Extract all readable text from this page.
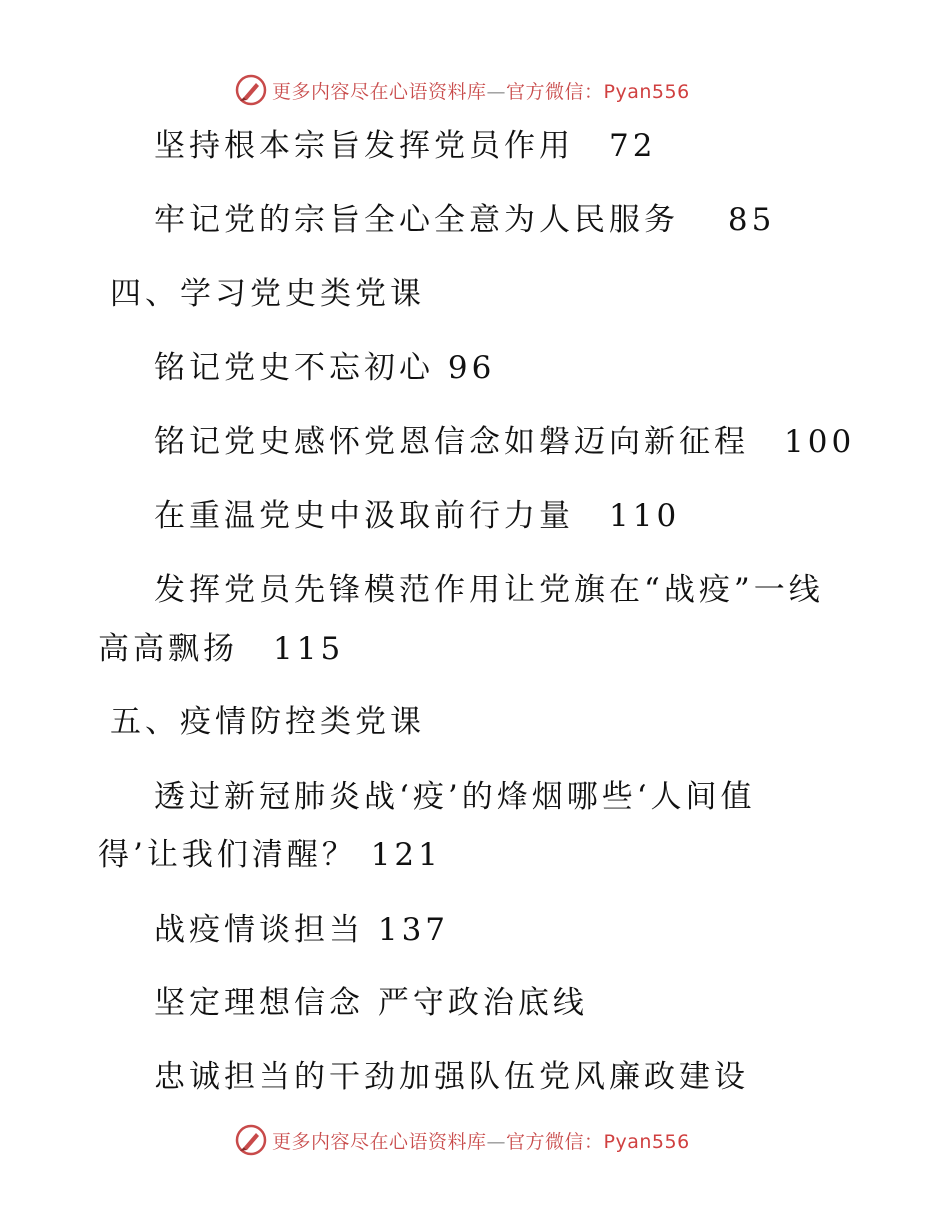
更多内容尽在心语资料库—官方微信：Pyan556
坚持根本宗旨发挥党员作用　72
牢记党的宗旨全心全意为人民服务　 85
四、学习党史类党课
铭记党史不忘初心 96
铭记党史感怀党恩信念如磐迈向新征程　100
在重温党史中汲取前行力量　110
发挥党员先锋模范作用让党旗在“战疫”一线
高高飘扬　115
五、疫情防控类党课
透过新冠肺炎战‘疫’的烽烟哪些‘人间值
得’让我们清醒？ 121
战疫情谈担当 137
坚定理想信念 严守政治底线
忠诚担当的干劲加强队伍党风廉政建设
更多内容尽在心语资料库—官方微信：Pyan556
